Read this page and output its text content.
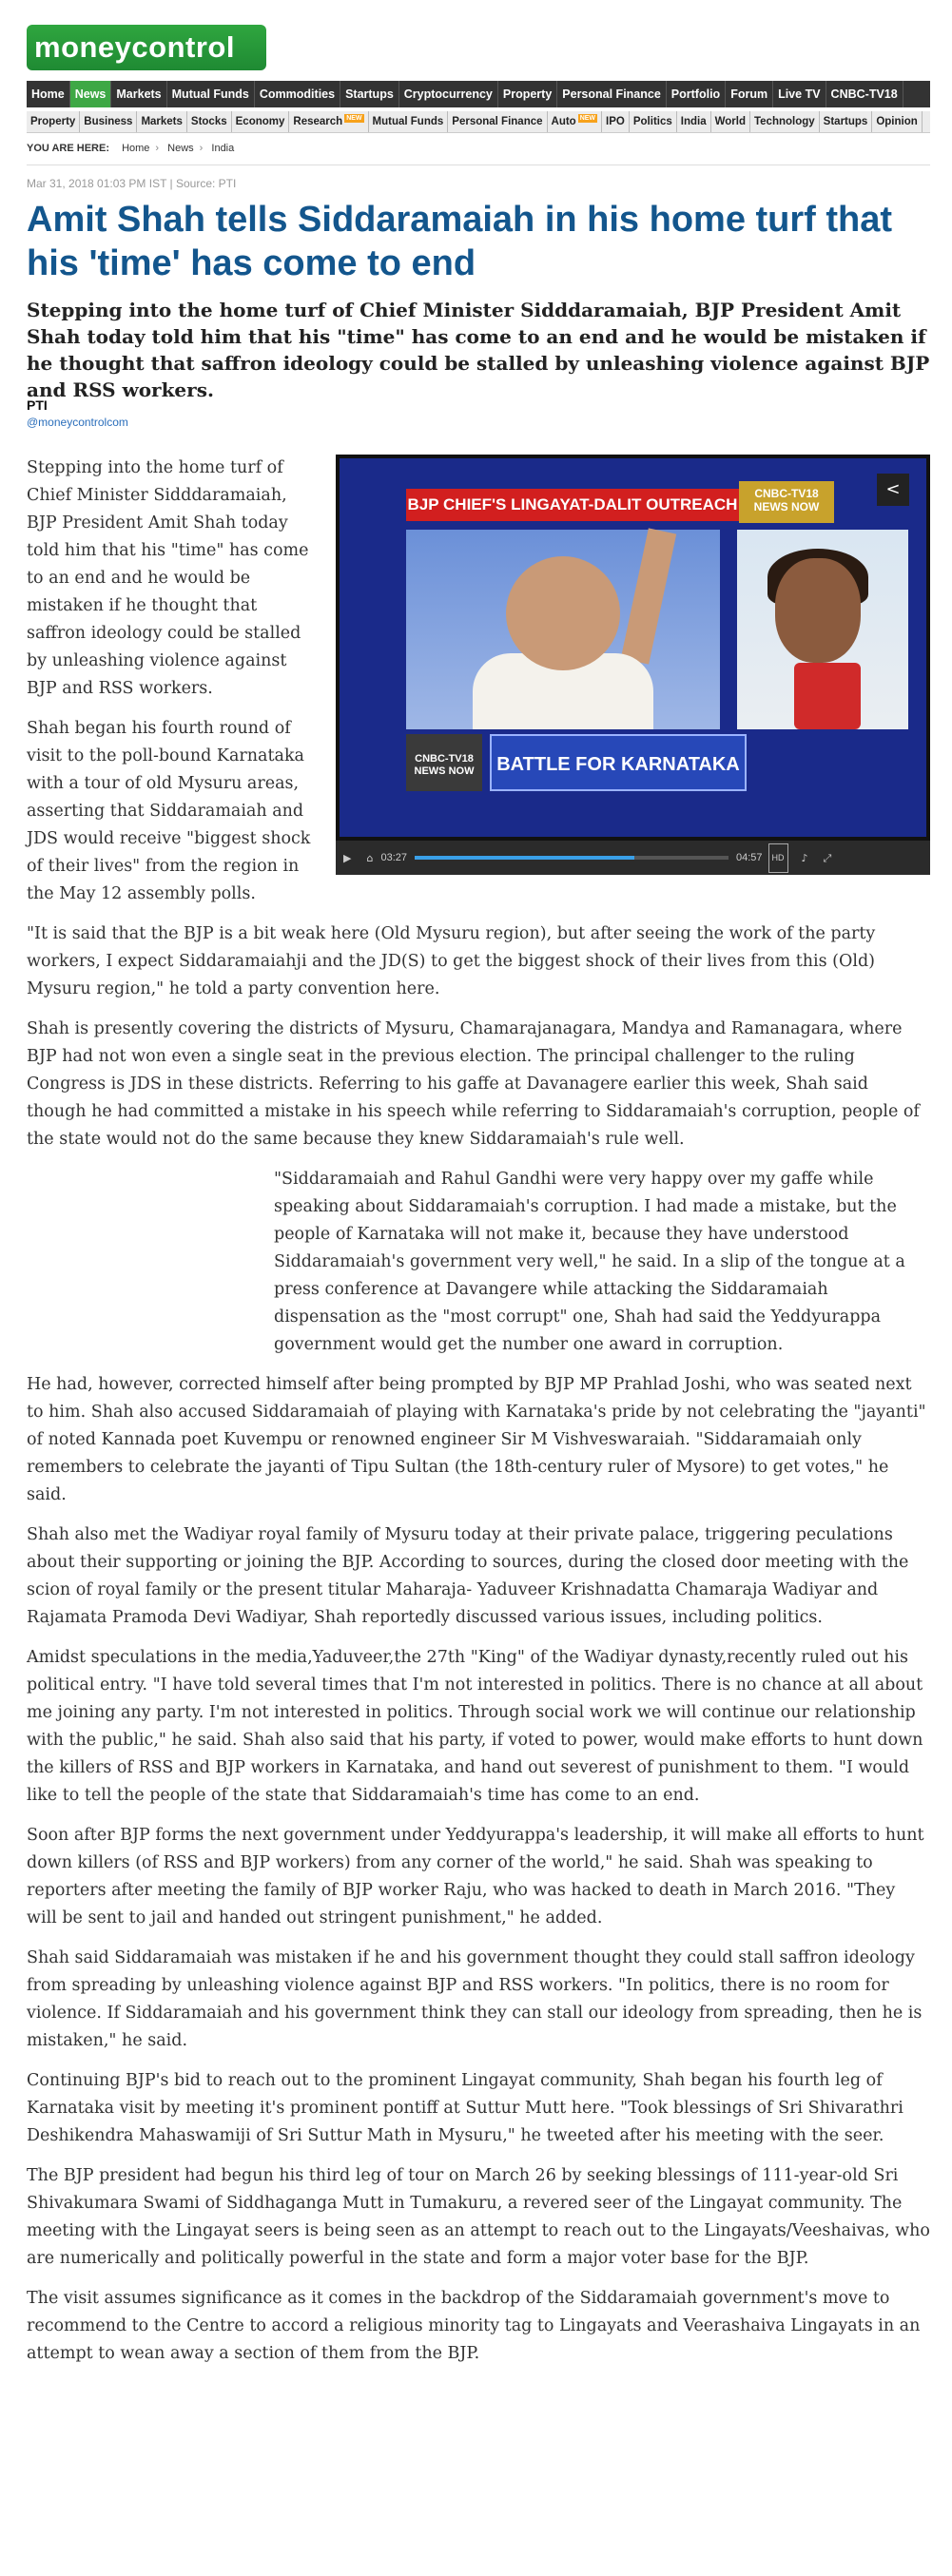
moneycontrol
Home News Markets Mutual Funds Commodities Startups Cryptocurrency Property Personal Finance Portfolio Forum Live TV CNBC-TV18
Property Business Markets Stocks Economy Research NEW Mutual Funds Personal Finance Auto NEW IPO Politics India World Technology Startups Opinion
YOU ARE HERE: Home › News › India
Mar 31, 2018 01:03 PM IST | Source: PTI
Amit Shah tells Siddaramaiah in his home turf that his 'time' has come to end
Stepping into the home turf of Chief Minister Sidddaramaiah, BJP President Amit Shah today told him that his "time" has come to an end and he would be mistaken if he thought that saffron ideology could be stalled by unleashing violence against BJP and RSS workers.
PTI
@moneycontrolcom
BJP CHIEF'S LINGAYAT-DALIT OUTREACH
CNBC-TV18 NEWS NOW
CNBC-TV18 NEWS NOW	BATTLE FOR KARNATAKA
<
▶	⌂ 03:27	04:57	HD	♪	⤢

Stepping into the home turf of Chief Minister Sidddaramaiah, BJP President Amit Shah today told him that his "time" has come to an end and he would be mistaken if he thought that saffron ideology could be stalled by unleashing violence against BJP and RSS workers.

Shah began his fourth round of visit to the poll-bound Karnataka with a tour of old Mysuru areas, asserting that Siddaramaiah and JDS would receive "biggest shock of their lives" from the region in the May 12 assembly polls.

"It is said that the BJP is a bit weak here (Old Mysuru region), but after seeing the work of the party workers, I expect Siddaramaiahji and the JD(S) to get the biggest shock of their lives from this (Old) Mysuru region," he told a party convention here.

Shah is presently covering the districts of Mysuru, Chamarajanagara, Mandya and Ramanagara, where BJP had not won even a single seat in the previous election. The principal challenger to the ruling Congress is JDS in these districts. Referring to his gaffe at Davanagere earlier this week, Shah said though he had committed a mistake in his speech while referring to Siddaramaiah's corruption, people of the state would not do the same because they knew Siddaramaiah's rule well.

"Siddaramaiah and Rahul Gandhi were very happy over my gaffe while speaking about Siddaramaiah's corruption. I had made a mistake, but the people of Karnataka will not make it, because they have understood Siddaramaiah's government very well," he said. In a slip of the tongue at a press conference at Davangere while attacking the Siddaramaiah dispensation as the "most corrupt" one, Shah had said the Yeddyurappa government would get the number one award in corruption.

He had, however, corrected himself after being prompted by BJP MP Prahlad Joshi, who was seated next to him. Shah also accused Siddaramaiah of playing with Karnataka's pride by not celebrating the "jayanti" of noted Kannada poet Kuvempu or renowned engineer Sir M Vishveswaraiah. "Siddaramaiah only remembers to celebrate the jayanti of Tipu Sultan (the 18th-century ruler of Mysore) to get votes," he said.

Shah also met the Wadiyar royal family of Mysuru today at their private palace, triggering peculations about their supporting or joining the BJP. According to sources, during the closed door meeting with the scion of royal family or the present titular Maharaja- Yaduveer Krishnadatta Chamaraja Wadiyar and Rajamata Pramoda Devi Wadiyar, Shah reportedly discussed various issues, including politics.

Amidst speculations in the media,Yaduveer,the 27th "King" of the Wadiyar dynasty,recently ruled out his political entry. "I have told several times that I'm not interested in politics. There is no chance at all about me joining any party. I'm not interested in politics. Through social work we will continue our relationship with the public," he said. Shah also said that his party, if voted to power, would make efforts to hunt down the killers of RSS and BJP workers in Karnataka, and hand out severest of punishment to them. "I would like to tell the people of the state that Siddaramaiah's time has come to an end.

Soon after BJP forms the next government under Yeddyurappa's leadership, it will make all efforts to hunt down killers (of RSS and BJP workers) from any corner of the world," he said. Shah was speaking to reporters after meeting the family of BJP worker Raju, who was hacked to death in March 2016. "They will be sent to jail and handed out stringent punishment," he added.

Shah said Siddaramaiah was mistaken if he and his government thought they could stall saffron ideology from spreading by unleashing violence against BJP and RSS workers. "In politics, there is no room for violence. If Siddaramaiah and his government think they can stall our ideology from spreading, then he is mistaken," he said.

Continuing BJP's bid to reach out to the prominent Lingayat community, Shah began his fourth leg of Karnataka visit by meeting it's prominent pontiff at Suttur Mutt here. "Took blessings of Sri Shivarathri Deshikendra Mahaswamiji of Sri Suttur Math in Mysuru," he tweeted after his meeting with the seer.

The BJP president had begun his third leg of tour on March 26 by seeking blessings of 111-year-old Sri Shivakumara Swami of Siddhaganga Mutt in Tumakuru, a revered seer of the Lingayat community. The meeting with the Lingayat seers is being seen as an attempt to reach out to the Lingayats/Veeshaivas, who are numerically and politically powerful in the state and form a major voter base for the BJP.

The visit assumes significance as it comes in the backdrop of the Siddaramaiah government's move to recommend to the Centre to accord a religious minority tag to Lingayats and Veerashaiva Lingayats in an attempt to wean away a section of them from the BJP.
